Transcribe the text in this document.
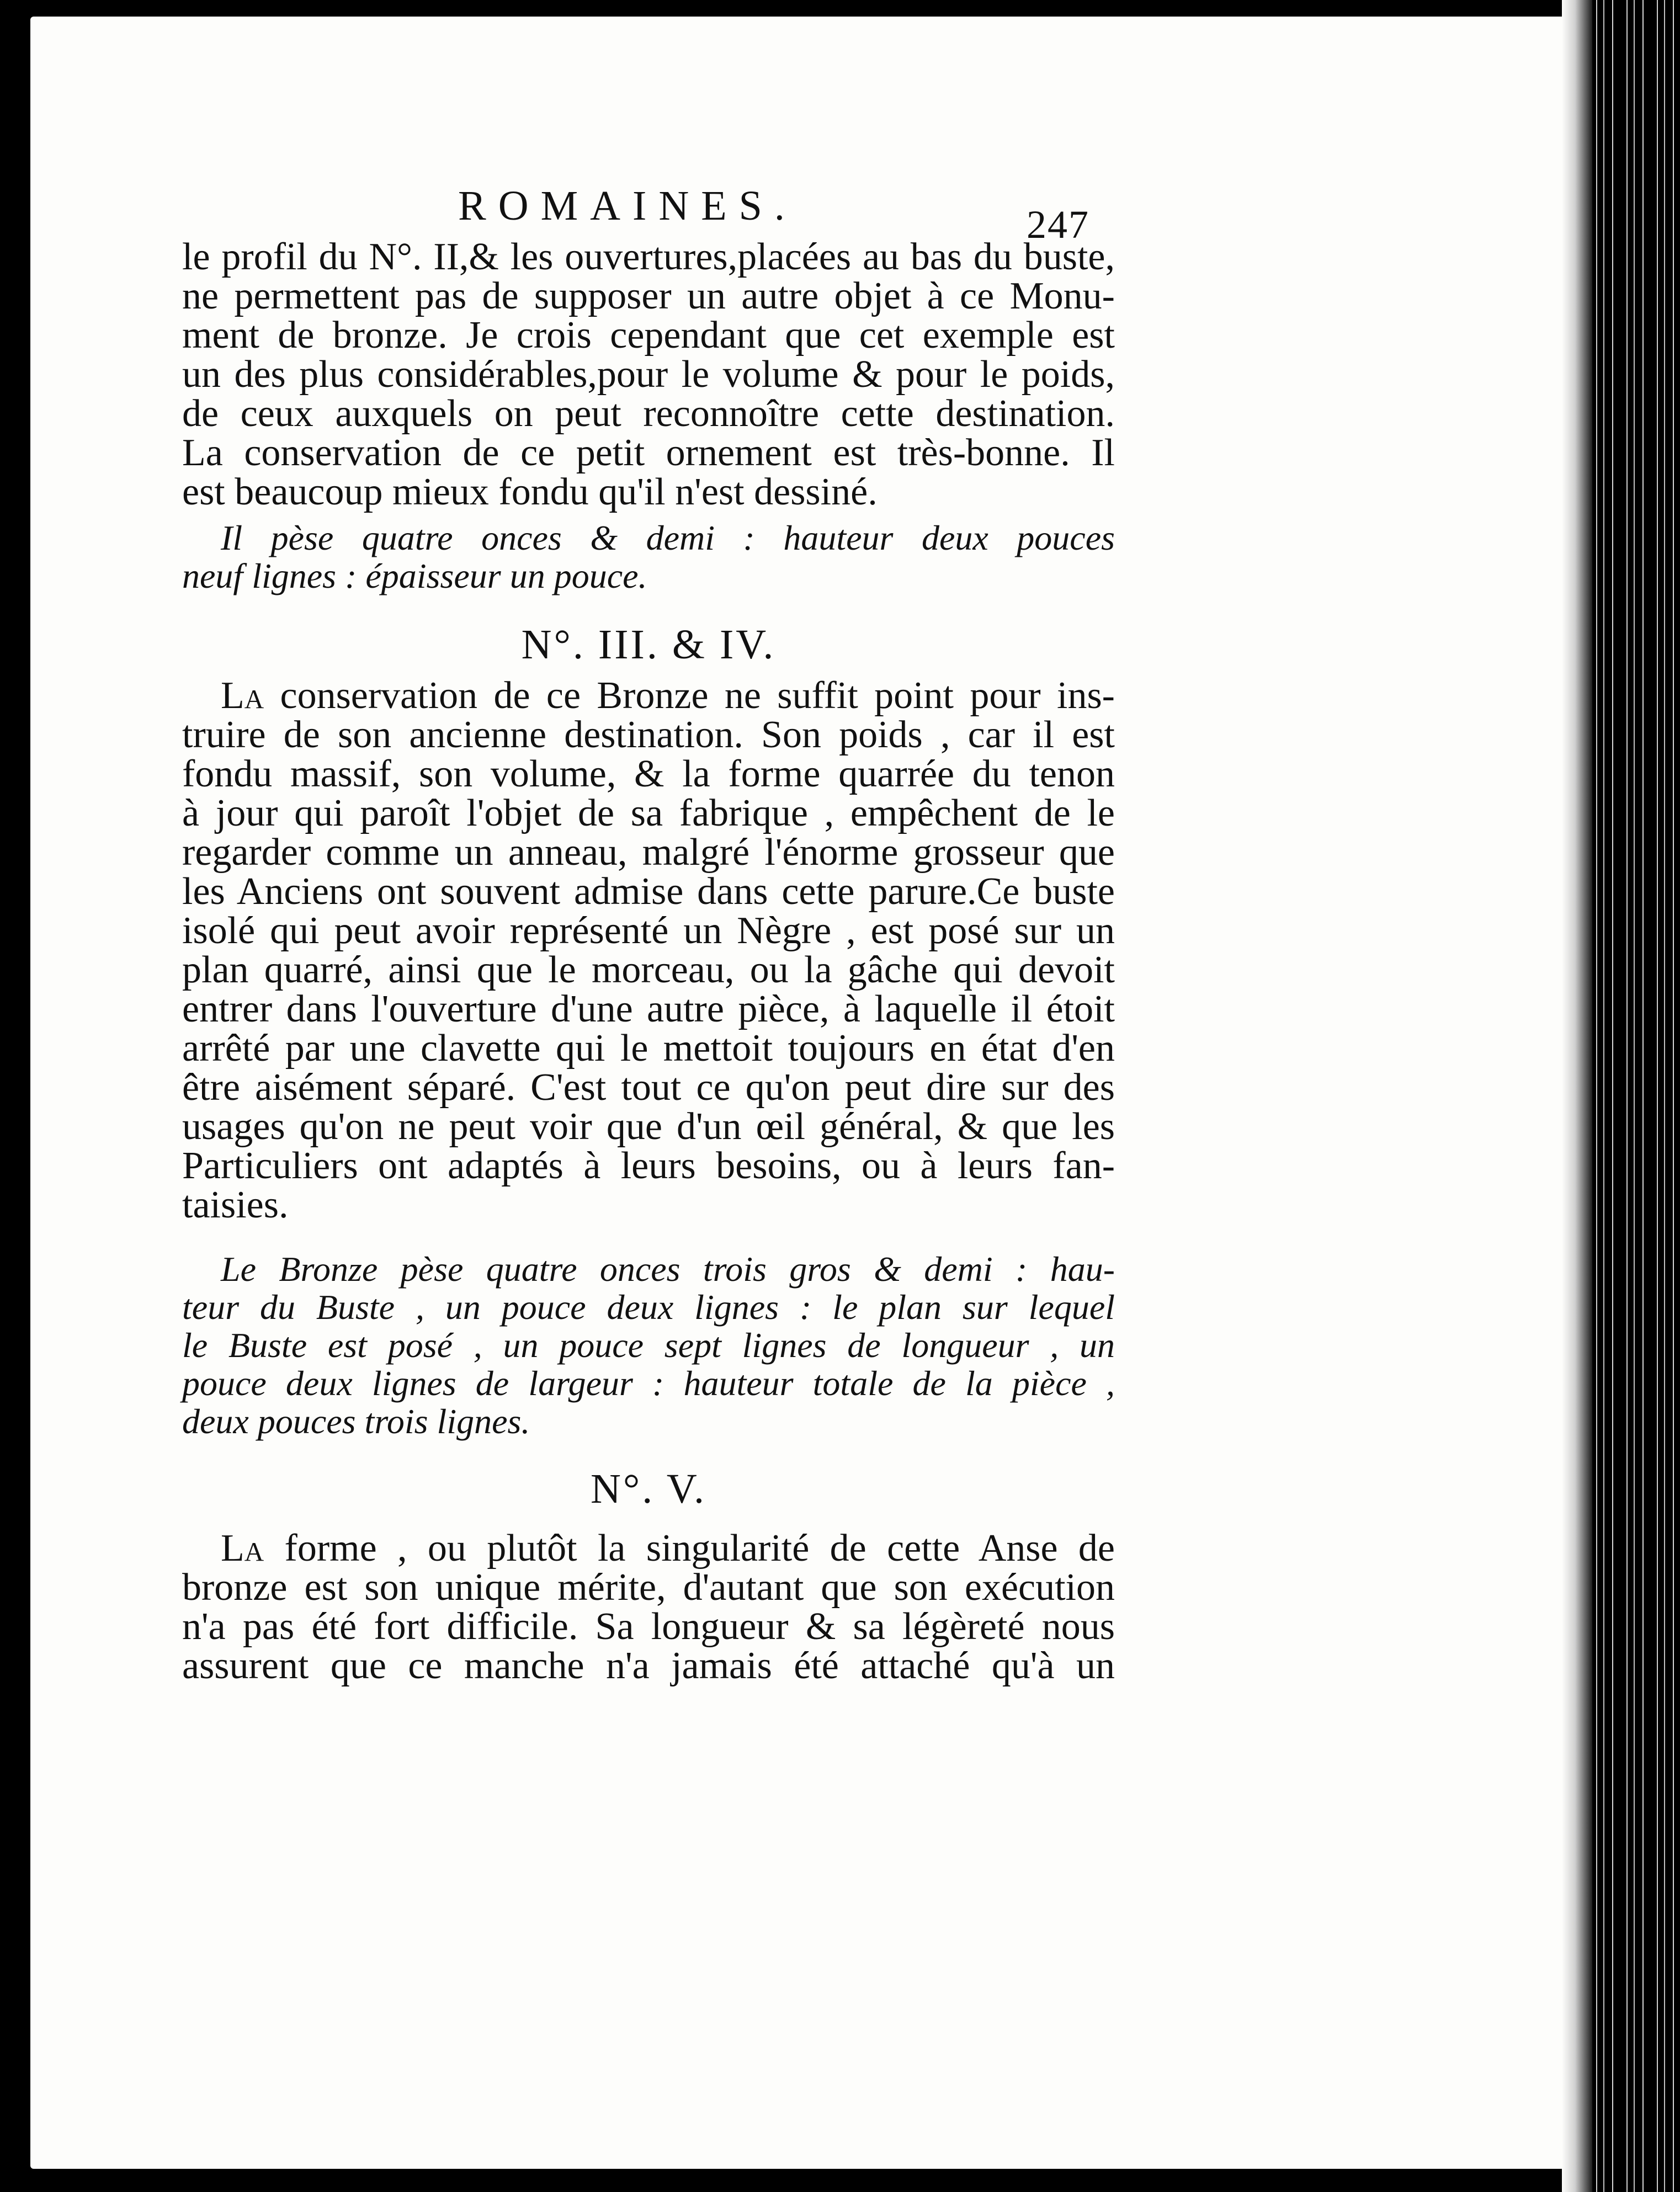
ROMAINES.	247
le profil du N°. II,& les ouvertures,placées au bas du buste,
ne permettent pas de supposer un autre objet à ce Monu-
ment de bronze. Je crois cependant que cet exemple est
un des plus considérables,pour le volume & pour le poids,
de ceux auxquels on peut reconnoître cette destination.
La conservation de ce petit ornement est très-bonne. Il
est beaucoup mieux fondu qu'il n'est dessiné.
Il pèse quatre onces & demi : hauteur deux pouces
neuf lignes : épaisseur un pouce.
N°. III. & IV.
La conservation de ce Bronze ne suffit point pour ins-
truire de son ancienne destination. Son poids , car il est
fondu massif, son volume, & la forme quarrée du tenon
à jour qui paroît l'objet de sa fabrique , empêchent de le
regarder comme un anneau, malgré l'énorme grosseur que
les Anciens ont souvent admise dans cette parure.Ce buste
isolé qui peut avoir représenté un Nègre , est posé sur un
plan quarré, ainsi que le morceau, ou la gâche qui devoit
entrer dans l'ouverture d'une autre pièce, à laquelle il étoit
arrêté par une clavette qui le mettoit toujours en état d'en
être aisément séparé. C'est tout ce qu'on peut dire sur des
usages qu'on ne peut voir que d'un œil général, & que les
Particuliers ont adaptés à leurs besoins, ou à leurs fan-
taisies.
Le Bronze pèse quatre onces trois gros & demi : hau-
teur du Buste , un pouce deux lignes : le plan sur lequel
le Buste est posé , un pouce sept lignes de longueur , un
pouce deux lignes de largeur : hauteur totale de la pièce ,
deux pouces trois lignes.
N°. V.
La forme , ou plutôt la singularité de cette Anse de
bronze est son unique mérite, d'autant que son exécution
n'a pas été fort difficile. Sa longueur & sa légèreté nous
assurent que ce manche n'a jamais été attaché qu'à un
